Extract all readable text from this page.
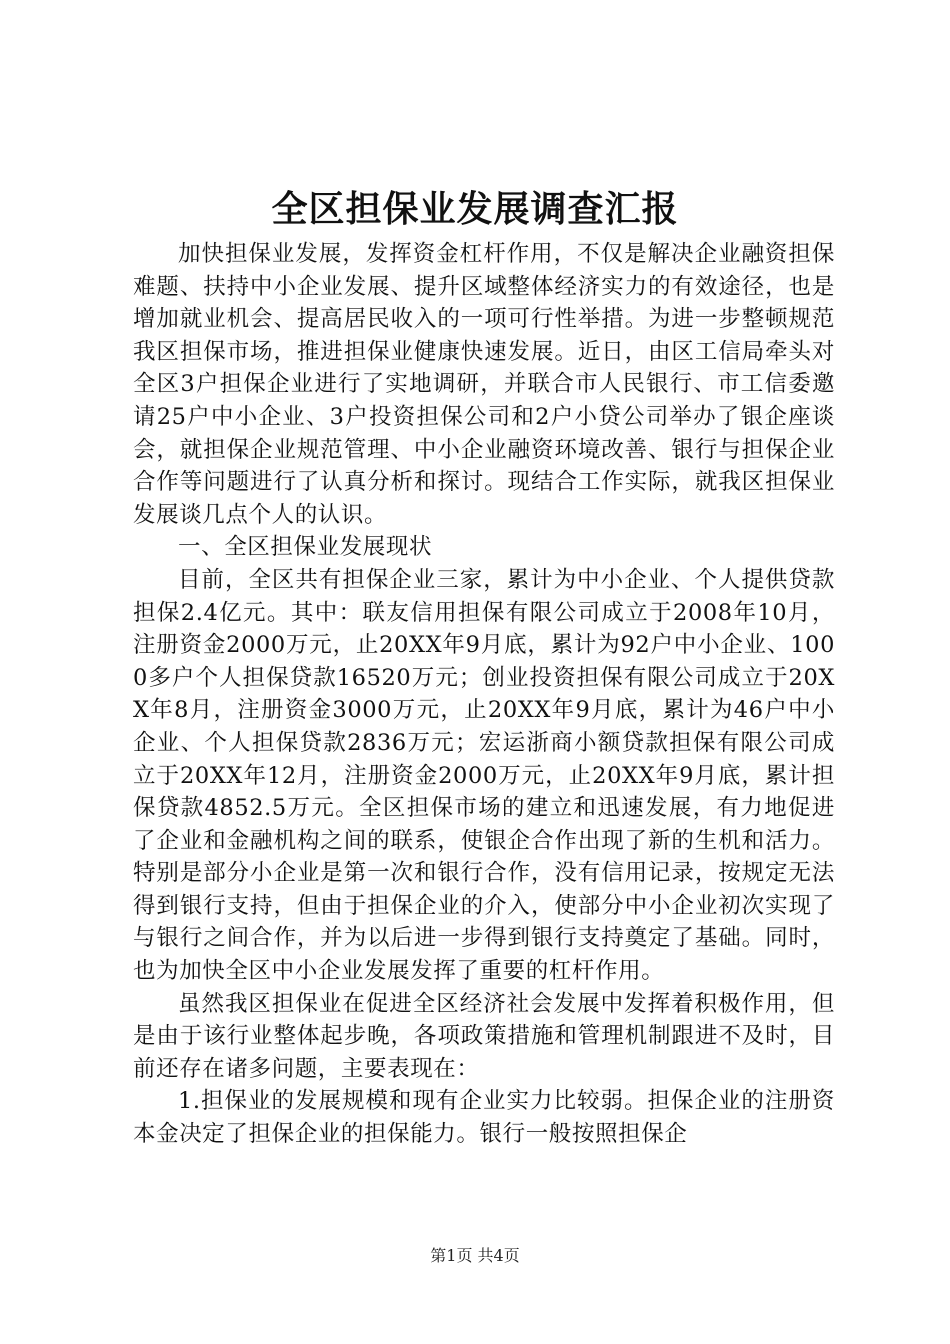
全区担保业发展调查汇报

加快担保业发展，发挥资金杠杆作用，不仅是解决企业融资担保难题、扶持中小企业发展、提升区域整体经济实力的有效途径，也是增加就业机会、提高居民收入的一项可行性举措。为进一步整顿规范我区担保市场，推进担保业健康快速发展。近日，由区工信局牵头对全区3户担保企业进行了实地调研，并联合市人民银行、市工信委邀请25户中小企业、3户投资担保公司和2户小贷公司举办了银企座谈会，就担保企业规范管理、中小企业融资环境改善、银行与担保企业合作等问题进行了认真分析和探讨。现结合工作实际，就我区担保业发展谈几点个人的认识。

一、全区担保业发展现状

目前，全区共有担保企业三家，累计为中小企业、个人提供贷款担保2.4亿元。其中：联友信用担保有限公司成立于2008年10月，注册资金2000万元，止20XX年9月底，累计为92户中小企业、1000多户个人担保贷款16520万元；创业投资担保有限公司成立于20XX年8月，注册资金3000万元，止20XX年9月底，累计为46户中小企业、个人担保贷款2836万元；宏运浙商小额贷款担保有限公司成立于20XX年12月，注册资金2000万元，止20XX年9月底，累计担保贷款4852.5万元。全区担保市场的建立和迅速发展，有力地促进了企业和金融机构之间的联系，使银企合作出现了新的生机和活力。特别是部分小企业是第一次和银行合作，没有信用记录，按规定无法得到银行支持，但由于担保企业的介入，使部分中小企业初次实现了与银行之间合作，并为以后进一步得到银行支持奠定了基础。同时，也为加快全区中小企业发展发挥了重要的杠杆作用。

虽然我区担保业在促进全区经济社会发展中发挥着积极作用，但是由于该行业整体起步晚，各项政策措施和管理机制跟进不及时，目前还存在诸多问题，主要表现在：

1.担保业的发展规模和现有企业实力比较弱。担保企业的注册资本金决定了担保企业的担保能力。银行一般按照担保企

第1页 共4页
